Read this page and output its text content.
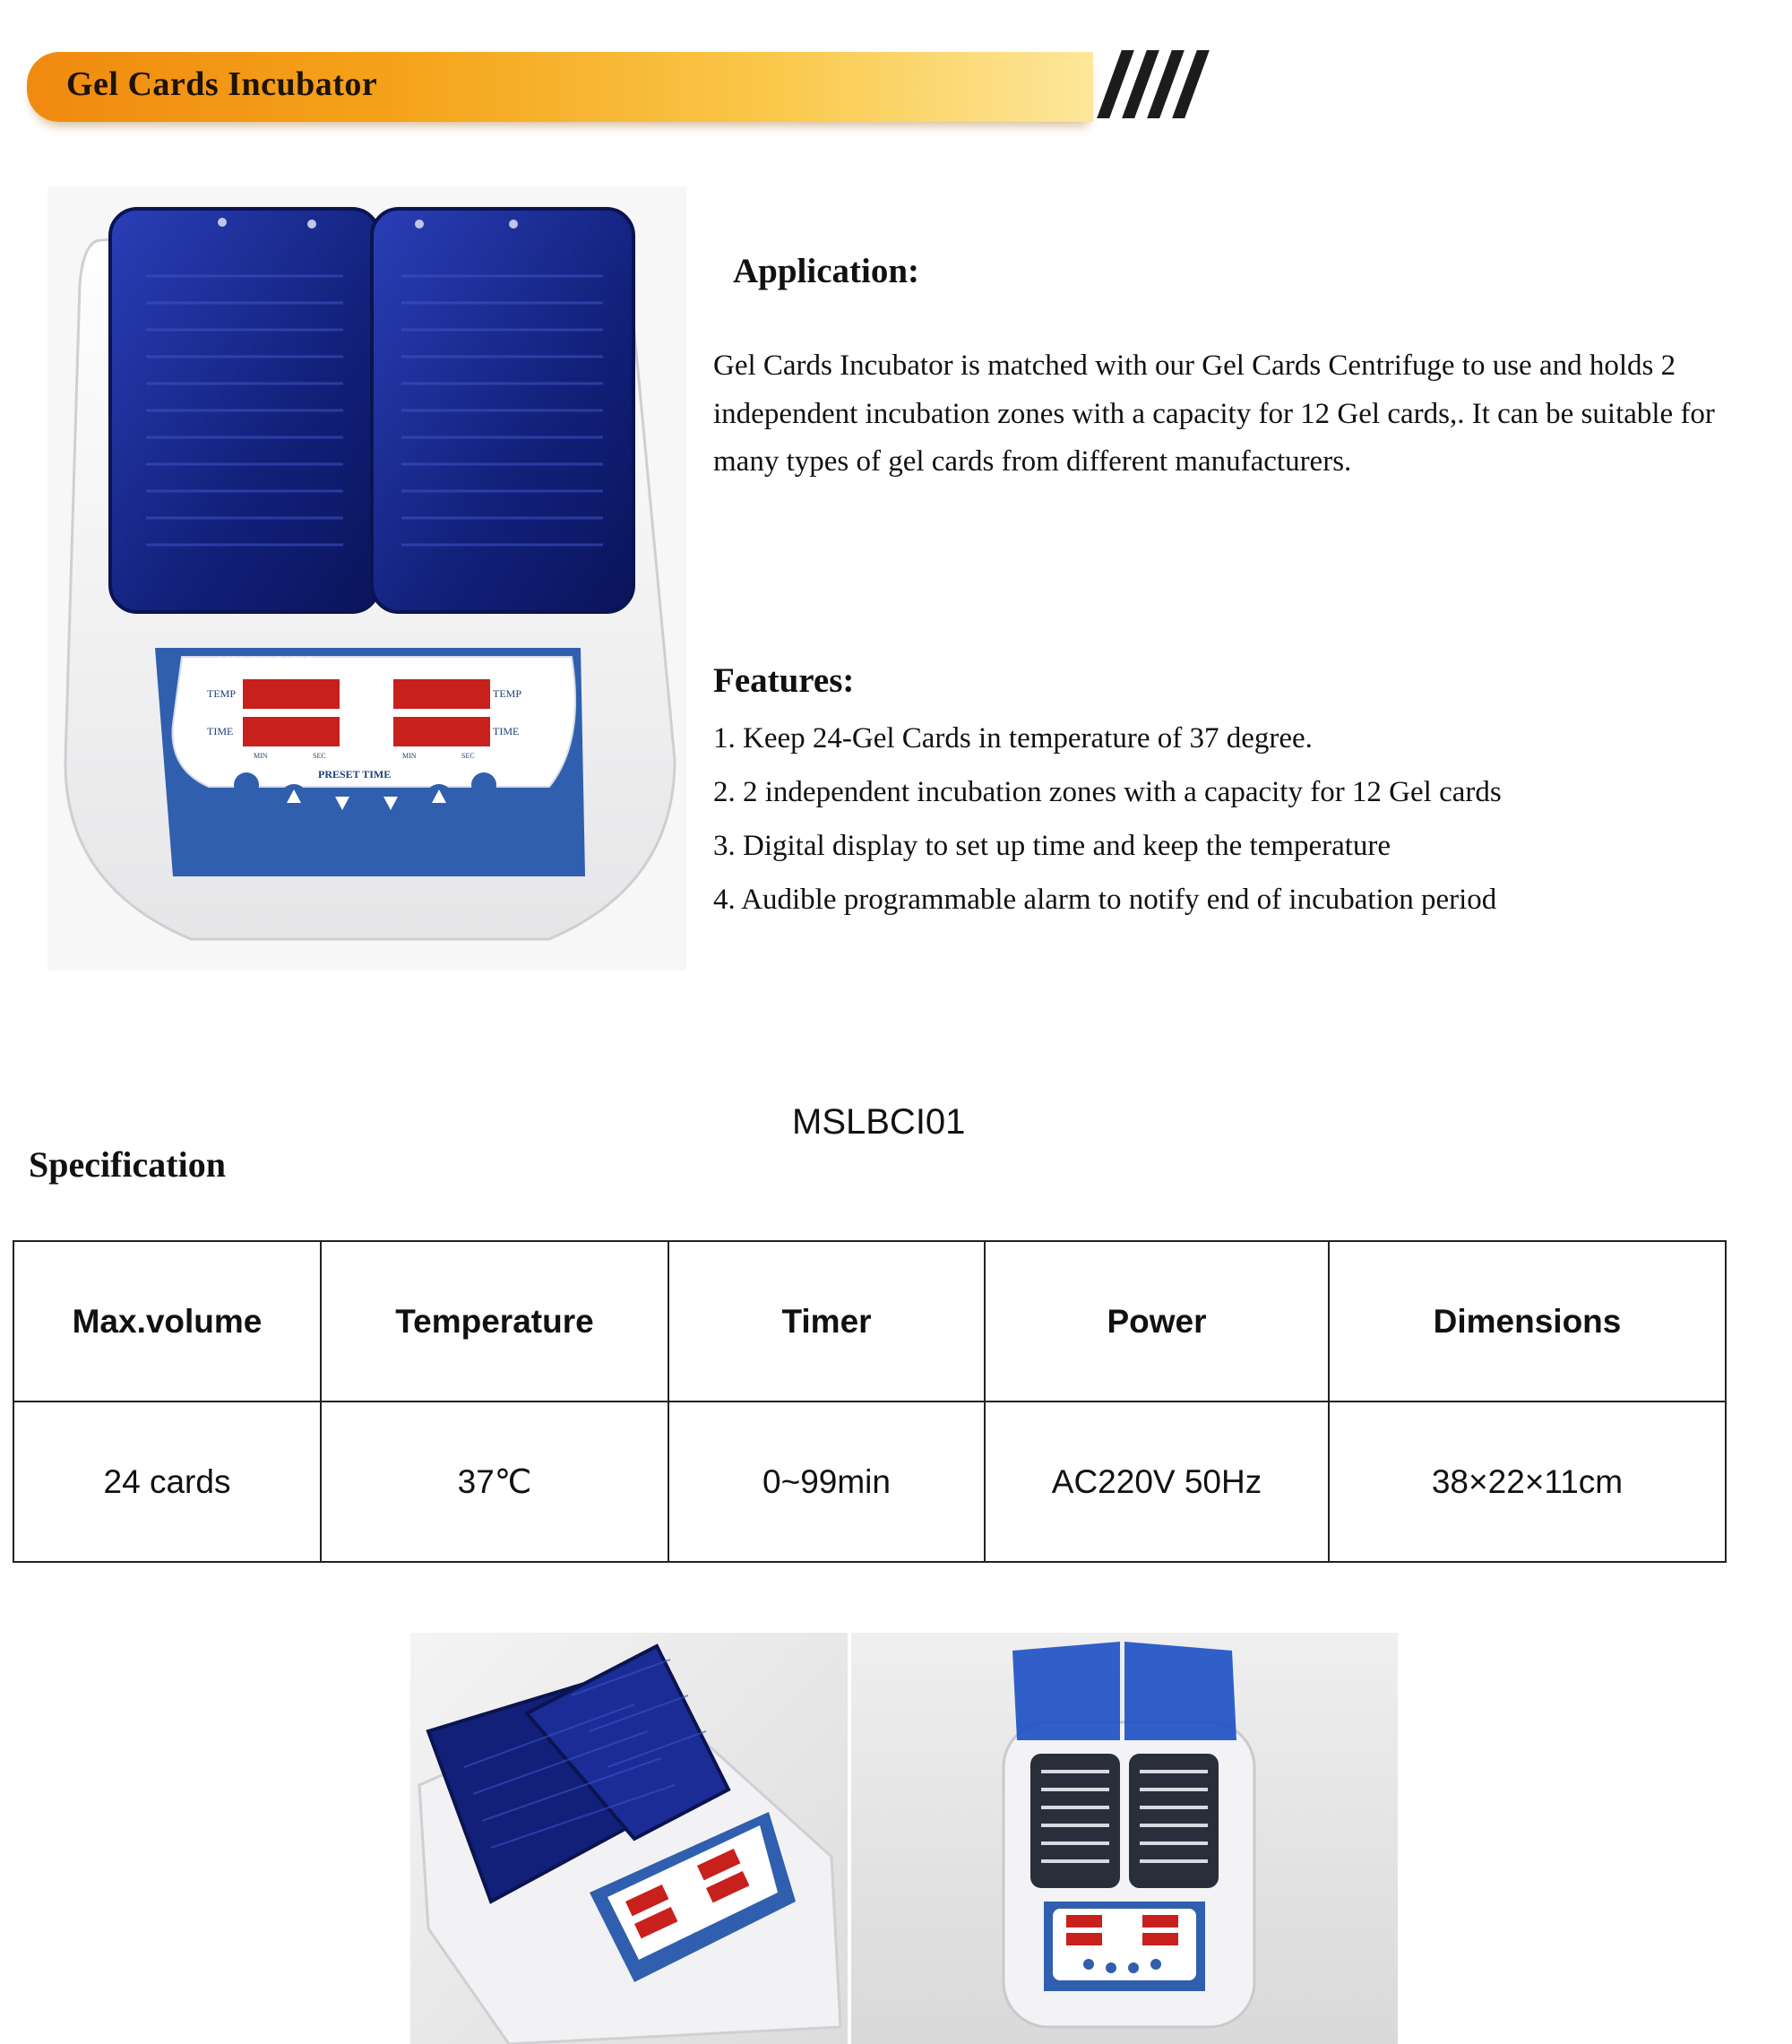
Gel Cards Incubator
CARD INCUBATOR
TEMP
TIME
TEMP
TIME
MIN	SEC	MIN	SEC
PRESET TIME
Application:
Gel Cards Incubator is matched with our Gel Cards Centrifuge to use and holds 2 independent incubation zones with a capacity for 12 Gel cards,. It can be suitable for many types of gel cards from different manufacturers.
Features:
1. Keep 24-Gel Cards in temperature of 37 degree.
2. 2 independent incubation zones with a capacity for 12 Gel cards
3. Digital display to set up time and keep the temperature
4. Audible programmable alarm to notify end of incubation period
MSLBCI01
Specification
Max.volume	Temperature	Timer	Power	Dimensions
24 cards	37℃	0~99min	AC220V 50Hz	38×22×11cm
